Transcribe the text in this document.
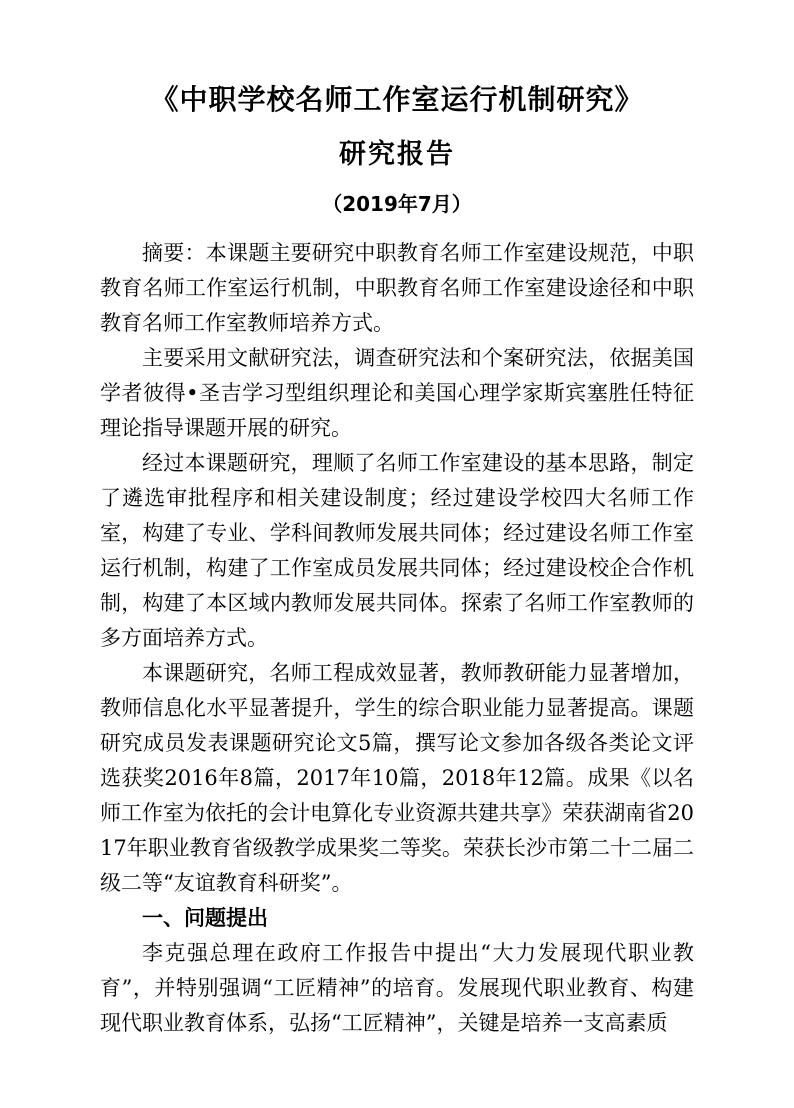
《中职学校名师工作室运行机制研究》
研究报告
（2019年7月）
摘要：本课题主要研究中职教育名师工作室建设规范，中职教育名师工作室运行机制，中职教育名师工作室建设途径和中职教育名师工作室教师培养方式。
主要采用文献研究法，调查研究法和个案研究法，依据美国学者彼得•圣吉学习型组织理论和美国心理学家斯宾塞胜任特征理论指导课题开展的研究。
经过本课题研究，理顺了名师工作室建设的基本思路，制定了遴选审批程序和相关建设制度；经过建设学校四大名师工作室，构建了专业、学科间教师发展共同体；经过建设名师工作室运行机制，构建了工作室成员发展共同体；经过建设校企合作机制，构建了本区域内教师发展共同体。探索了名师工作室教师的多方面培养方式。
本课题研究，名师工程成效显著，教师教研能力显著增加，教师信息化水平显著提升，学生的综合职业能力显著提高。课题研究成员发表课题研究论文5篇，撰写论文参加各级各类论文评选获奖2016年8篇，2017年10篇，2018年12篇。成果《以名师工作室为依托的会计电算化专业资源共建共享》荣获湖南省2017年职业教育省级教学成果奖二等奖。荣获长沙市第二十二届二级二等“友谊教育科研奖”。
一、问题提出
李克强总理在政府工作报告中提出“大力发展现代职业教育”，并特别强调“工匠精神”的培育。发展现代职业教育、构建现代职业教育体系，弘扬“工匠精神”，关键是培养一支高素质
